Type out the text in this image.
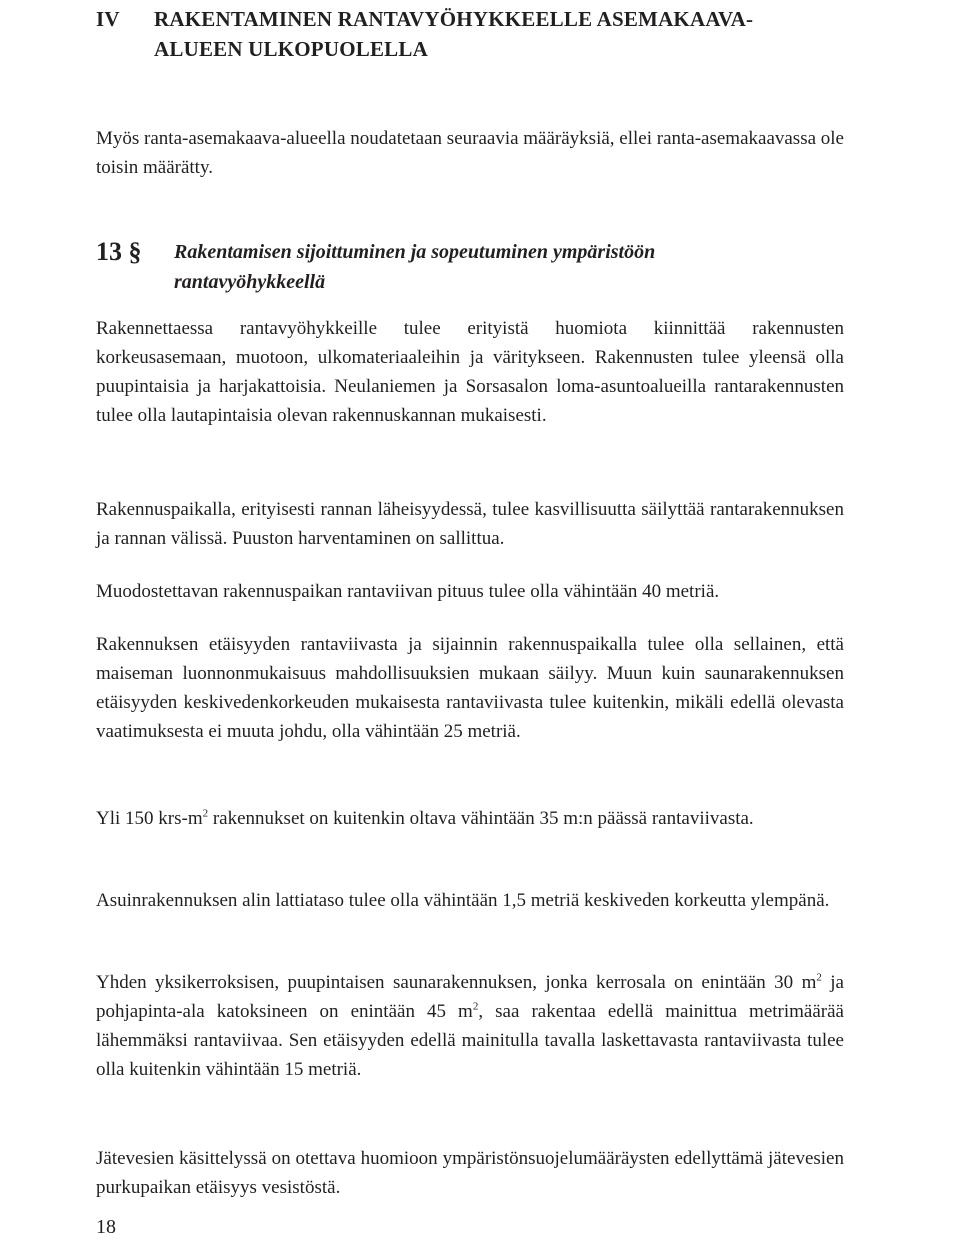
IV	RAKENTAMINEN RANTAVYÖHYKKEELLE ASEMAKAAVA-
ALUEEN ULKOPUOLELLA

Myös ranta-asemakaava-alueella noudatetaan seuraavia määräyksiä, ellei ranta-asemakaavassa ole toisin määrätty.

13 §	Rakentamisen sijoittuminen ja sopeutuminen ympäristöön
rantavyöhykkeellä

Rakennettaessa rantavyöhykkeille tulee erityistä huomiota kiinnittää rakennusten korkeusasemaan, muotoon, ulkomateriaaleihin ja väritykseen. Rakennusten tulee yleensä olla puupintaisia ja harjakattoisia. Neulaniemen ja Sorsasalon loma-asuntoalueilla rantarakennusten tulee olla lautapintaisia olevan rakennuskannan mukaisesti.

Rakennuspaikalla, erityisesti rannan läheisyydessä, tulee kasvillisuutta säilyttää rantarakennuksen ja rannan välissä. Puuston harventaminen on sallittua.

Muodostettavan rakennuspaikan rantaviivan pituus tulee olla vähintään 40 metriä.

Rakennuksen etäisyyden rantaviivasta ja sijainnin rakennuspaikalla tulee olla sellainen, että maiseman luonnonmukaisuus mahdollisuuksien mukaan säilyy. Muun kuin saunarakennuksen etäisyyden keskivedenkorkeuden mukaisesta rantaviivasta tulee kuitenkin, mikäli edellä olevasta vaatimuksesta ei muuta johdu, olla vähintään 25 metriä.

Yli 150 krs-$m^2$ rakennukset on kuitenkin oltava vähintään 35 m:n päässä rantaviivasta.

Asuinrakennuksen alin lattiataso tulee olla vähintään 1,5 metriä keskiveden korkeutta ylempänä.

Yhden yksikerroksisen, puupintaisen saunarakennuksen, jonka kerrosala on enintään 30 $m^2$ ja pohjapinta-ala katoksineen on enintään 45 $m^2$, saa rakentaa edellä mainittua metrimäärää lähemmäksi rantaviivaa. Sen etäisyyden edellä mainitulla tavalla laskettavasta rantaviivasta tulee olla kuitenkin vähintään 15 metriä.

Jätevesien käsittelyssä on otettava huomioon ympäristönsuojelumääräysten edellyttämä jätevesien purkupaikan etäisyys vesistöstä.

18
